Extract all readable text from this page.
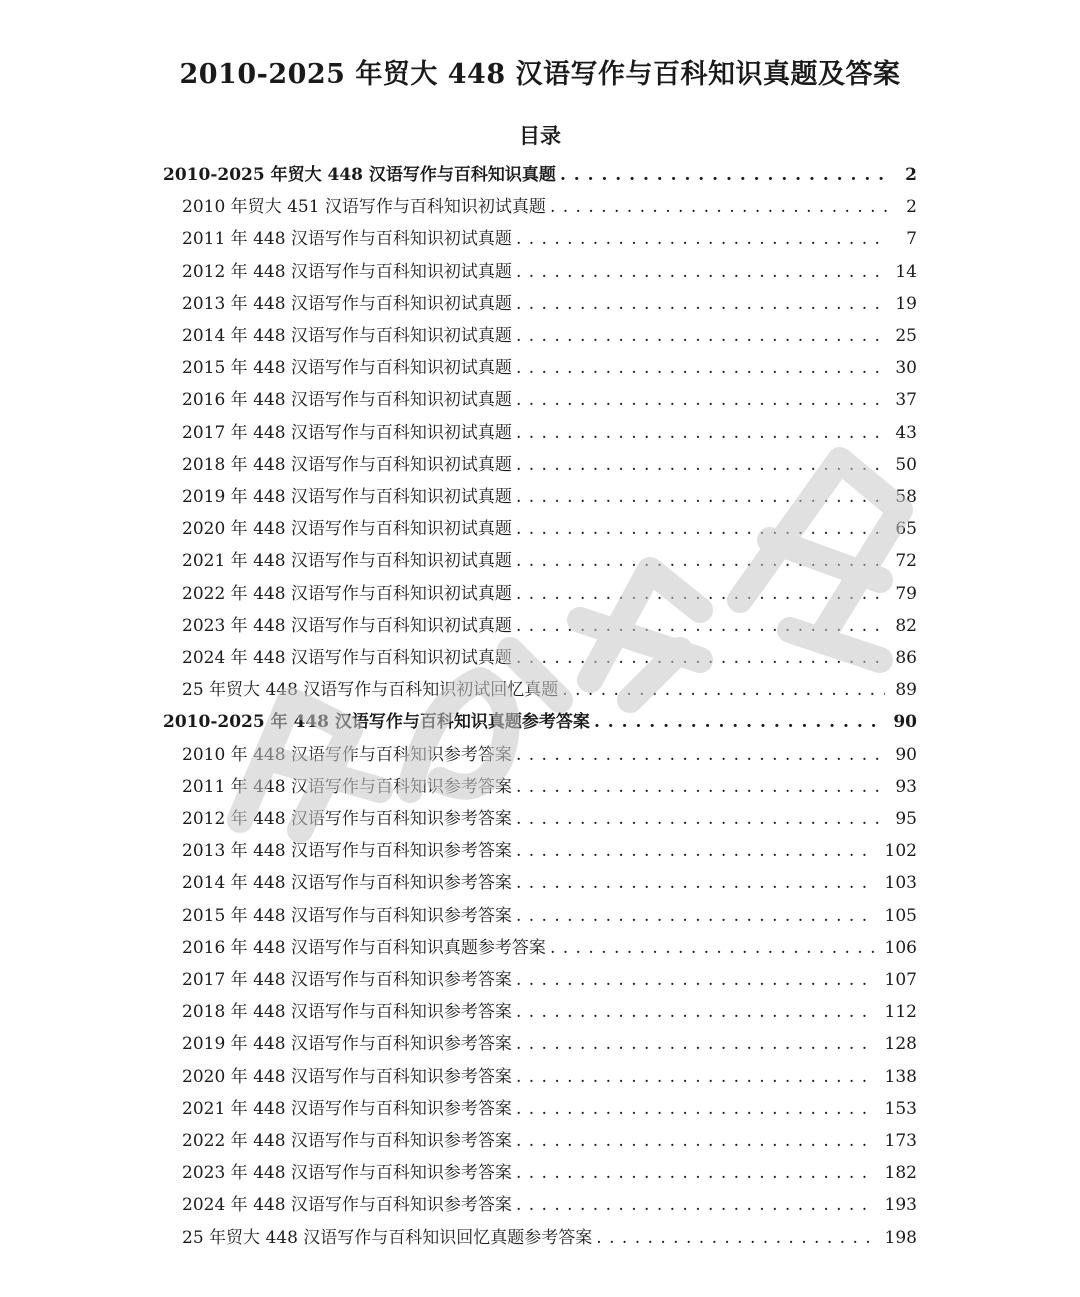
2010-2025 年贸大 448 汉语写作与百科知识真题及答案
目录
2010-2025 年贸大 448 汉语写作与百科知识真题 . . .	2
2010 年贸大 451 汉语写作与百科知识初试真题 . . .	2
2011 年 448 汉语写作与百科知识初试真题 . . .	7
2012 年 448 汉语写作与百科知识初试真题 . . .	14
2013 年 448 汉语写作与百科知识初试真题 . . .	19
2014 年 448 汉语写作与百科知识初试真题 . . .	25
2015 年 448 汉语写作与百科知识初试真题 . . .	30
2016 年 448 汉语写作与百科知识初试真题 . . .	37
2017 年 448 汉语写作与百科知识初试真题 . . .	43
2018 年 448 汉语写作与百科知识初试真题 . . .	50
2019 年 448 汉语写作与百科知识初试真题 . . .	58
2020 年 448 汉语写作与百科知识初试真题 . . .	65
2021 年 448 汉语写作与百科知识初试真题 . . .	72
2022 年 448 汉语写作与百科知识初试真题 . . .	79
2023 年 448 汉语写作与百科知识初试真题 . . .	82
2024 年 448 汉语写作与百科知识初试真题 . . .	86
25 年贸大 448 汉语写作与百科知识初试回忆真题 . . .	89
2010-2025 年 448 汉语写作与百科知识真题参考答案 . . .	90
2010 年 448 汉语写作与百科知识参考答案 . . .	90
2011 年 448 汉语写作与百科知识参考答案 . . .	93
2012 年 448 汉语写作与百科知识参考答案 . . .	95
2013 年 448 汉语写作与百科知识参考答案 . . .	102
2014 年 448 汉语写作与百科知识参考答案 . . .	103
2015 年 448 汉语写作与百科知识参考答案 . . .	105
2016 年 448 汉语写作与百科知识真题参考答案 . . .	106
2017 年 448 汉语写作与百科知识参考答案 . . .	107
2018 年 448 汉语写作与百科知识参考答案 . . .	112
2019 年 448 汉语写作与百科知识参考答案 . . .	128
2020 年 448 汉语写作与百科知识参考答案 . . .	138
2021 年 448 汉语写作与百科知识参考答案 . . .	153
2022 年 448 汉语写作与百科知识参考答案 . . .	173
2023 年 448 汉语写作与百科知识参考答案 . . .	182
2024 年 448 汉语写作与百科知识参考答案 . . .	193
25 年贸大 448 汉语写作与百科知识回忆真题参考答案 . . .	198
